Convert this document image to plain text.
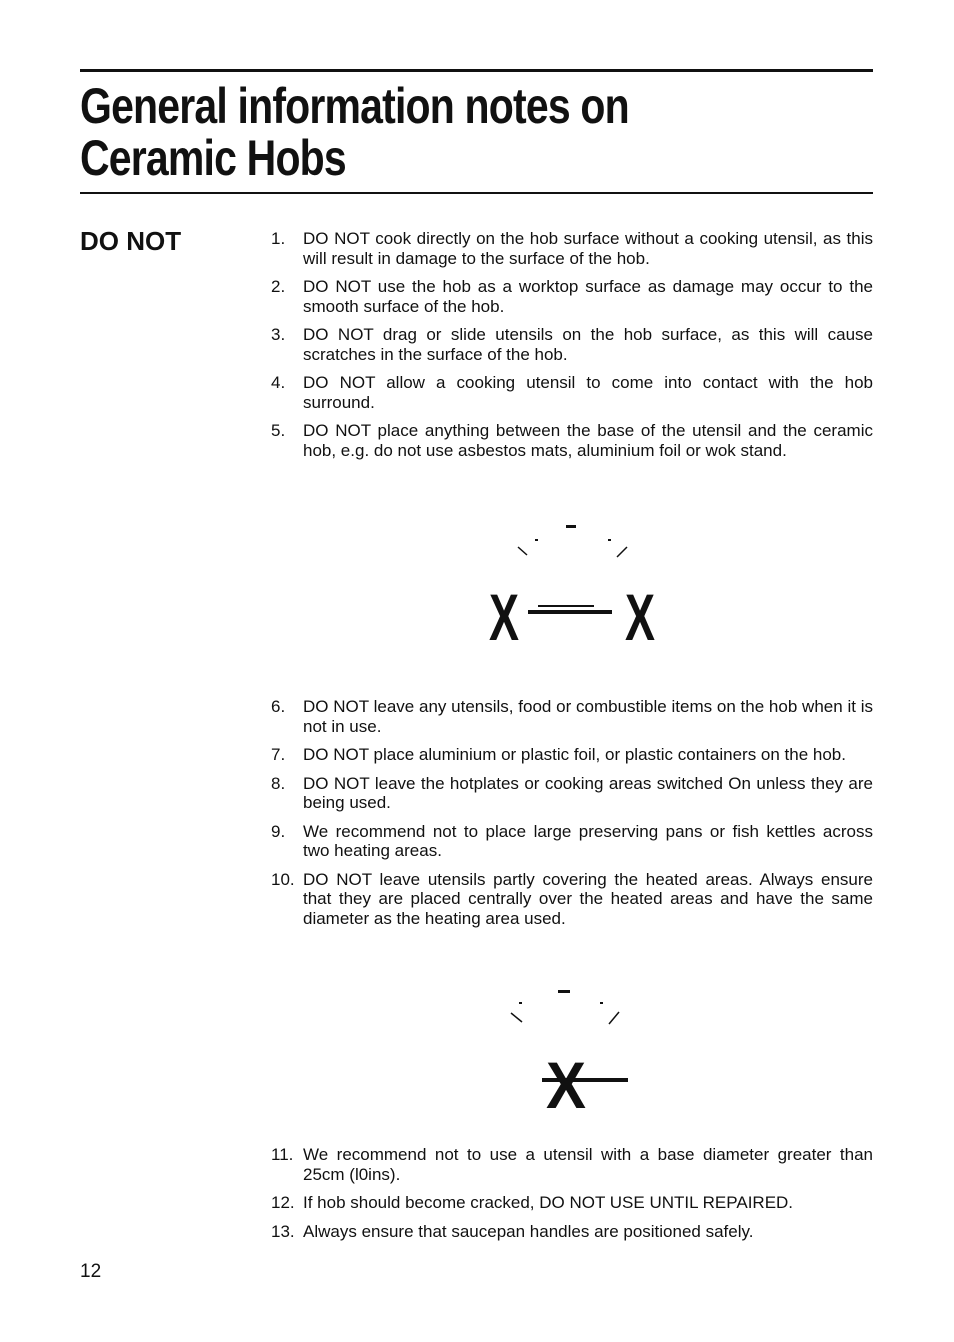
General information notes on
Ceramic Hobs
DO NOT	1. DO NOT cook directly on the hob surface without a cooking utensil, as this will result in damage to the surface of the hob.
2. DO NOT use the hob as a worktop surface as damage may occur to the smooth surface of the hob.
3. DO NOT drag or slide utensils on the hob surface, as this will cause scratches in the surface of the hob.
4. DO NOT allow a cooking utensil to come into contact with the hob surround.
5. DO NOT place anything between the base of the utensil and the ceramic hob, e.g. do not use asbestos mats, aluminium foil or wok stand.
X X
6. DO NOT leave any utensils, food or combustible items on the hob when it is not in use.
7. DO NOT place aluminium or plastic foil, or plastic containers on the hob.
8. DO NOT leave the hotplates or cooking areas switched On unless they are being used.
9. We recommend not to place large preserving pans or fish kettles across two heating areas.
10. DO NOT leave utensils partly covering the heated areas. Always ensure that they are placed centrally over the heated areas and have the same diameter as the heating area used.
X
11. We recommend not to use a utensil with a base diameter greater than 25cm (l0ins).
12. If hob should become cracked, DO NOT USE UNTIL REPAIRED.
13. Always ensure that saucepan handles are positioned safely.
12
